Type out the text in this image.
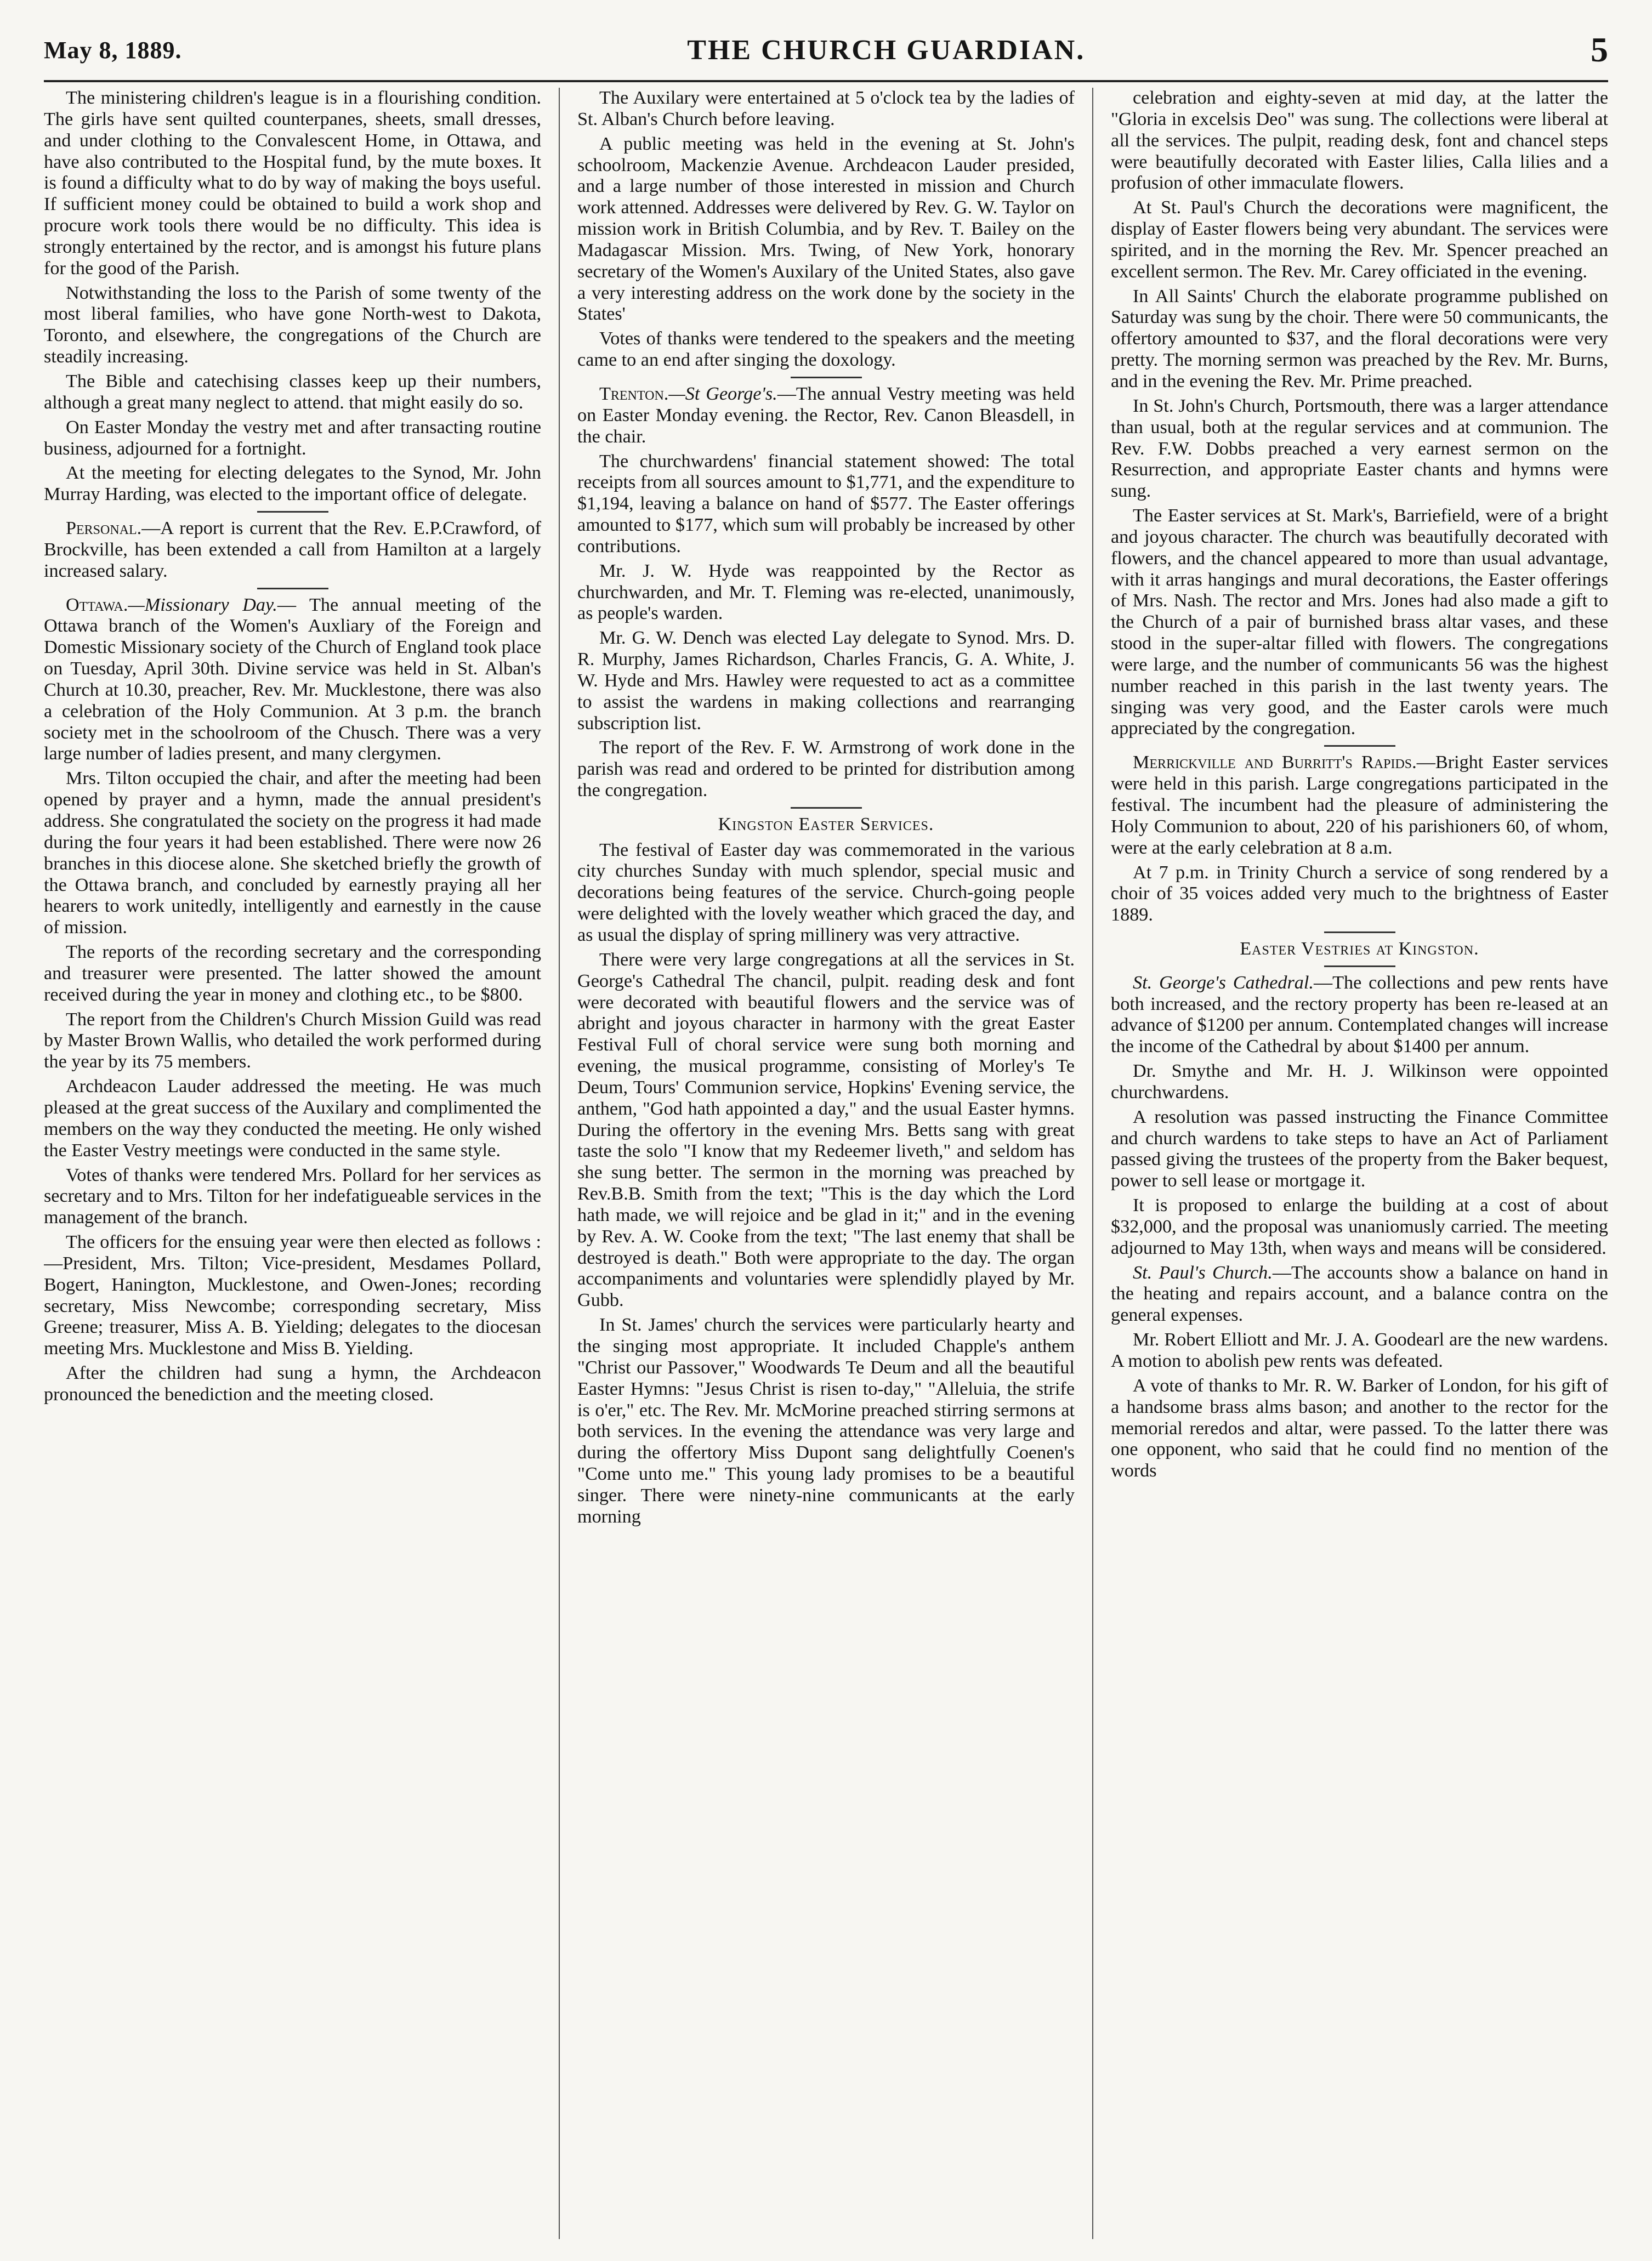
May 8, 1889.	THE CHURCH GUARDIAN.	5

The ministering children's league is in a flourishing condition. The girls have sent quilted counterpanes, sheets, small dresses, and under clothing to the Convalescent Home, in Ottawa, and have also contributed to the Hospital fund, by the mute boxes. It is found a difficulty what to do by way of making the boys useful. If sufficient money could be obtained to build a work shop and procure work tools there would be no difficulty. This idea is strongly entertained by the rector, and is amongst his future plans for the good of the Parish.

Notwithstanding the loss to the Parish of some twenty of the most liberal families, who have gone North-west to Dakota, Toronto, and elsewhere, the congregations of the Church are steadily increasing.

The Bible and catechising classes keep up their numbers, although a great many neglect to attend. that might easily do so.

On Easter Monday the vestry met and after transacting routine business, adjourned for a fortnight.

At the meeting for electing delegates to the Synod, Mr. John Murray Harding, was elected to the important office of delegate.

Personal.—A report is current that the Rev. E.P.Crawford, of Brockville, has been extended a call from Hamilton at a largely increased salary.

Ottawa.—Missionary Day.— The annual meeting of the Ottawa branch of the Women's Auxliary of the Foreign and Domestic Missionary society of the Church of England took place on Tuesday, April 30th. Divine service was held in St. Alban's Church at 10.30, preacher, Rev. Mr. Mucklestone, there was also a celebration of the Holy Communion. At 3 p.m. the branch society met in the schoolroom of the Chusch. There was a very large number of ladies present, and many clergymen.

Mrs. Tilton occupied the chair, and after the meeting had been opened by prayer and a hymn, made the annual president's address. She congratulated the society on the progress it had made during the four years it had been established. There were now 26 branches in this diocese alone. She sketched briefly the growth of the Ottawa branch, and concluded by earnestly praying all her hearers to work unitedly, intelligently and earnestly in the cause of mission.

The reports of the recording secretary and the corresponding and treasurer were presented. The latter showed the amount received during the year in money and clothing etc., to be $800.

The report from the Children's Church Mission Guild was read by Master Brown Wallis, who detailed the work performed during the year by its 75 members.

Archdeacon Lauder addressed the meeting. He was much pleased at the great success of the Auxilary and complimented the members on the way they conducted the meeting. He only wished the Easter Vestry meetings were conducted in the same style.

Votes of thanks were tendered Mrs. Pollard for her services as secretary and to Mrs. Tilton for her indefatigueable services in the management of the branch.

The officers for the ensuing year were then elected as follows :—President, Mrs. Tilton; Vice-president, Mesdames Pollard, Bogert, Hanington, Mucklestone, and Owen-Jones; recording secretary, Miss Newcombe; corresponding secretary, Miss Greene; treasurer, Miss A. B. Yielding; delegates to the diocesan meeting Mrs. Mucklestone and Miss B. Yielding.

After the children had sung a hymn, the Archdeacon pronounced the benediction and the meeting closed.

The Auxilary were entertained at 5 o'clock tea by the ladies of St. Alban's Church before leaving.

A public meeting was held in the evening at St. John's schoolroom, Mackenzie Avenue. Archdeacon Lauder presided, and a large number of those interested in mission and Church work attenned. Addresses were delivered by Rev. G. W. Taylor on mission work in British Columbia, and by Rev. T. Bailey on the Madagascar Mission. Mrs. Twing, of New York, honorary secretary of the Women's Auxilary of the United States, also gave a very interesting address on the work done by the society in the States'

Votes of thanks were tendered to the speakers and the meeting came to an end after singing the doxology.

Trenton.—St George's.—The annual Vestry meeting was held on Easter Monday evening. the Rector, Rev. Canon Bleasdell, in the chair.

The churchwardens' financial statement showed: The total receipts from all sources amount to $1,771, and the expenditure to $1,194, leaving a balance on hand of $577. The Easter offerings amounted to $177, which sum will probably be increased by other contributions.

Mr. J. W. Hyde was reappointed by the Rector as churchwarden, and Mr. T. Fleming was re-elected, unanimously, as people's warden.

Mr. G. W. Dench was elected Lay delegate to Synod. Mrs. D. R. Murphy, James Richardson, Charles Francis, G. A. White, J. W. Hyde and Mrs. Hawley were requested to act as a committee to assist the wardens in making collections and rearranging subscription list.

The report of the Rev. F. W. Armstrong of work done in the parish was read and ordered to be printed for distribution among the congregation.

Kingston Easter Services.

The festival of Easter day was commemorated in the various city churches Sunday with much splendor, special music and decorations being features of the service. Church-going people were delighted with the lovely weather which graced the day, and as usual the display of spring millinery was very attractive.

There were very large congregations at all the services in St. George's Cathedral The chancil, pulpit. reading desk and font were decorated with beautiful flowers and the service was of abright and joyous character in harmony with the great Easter Festival Full of choral service were sung both morning and evening, the musical programme, consisting of Morley's Te Deum, Tours' Communion service, Hopkins' Evening service, the anthem, "God hath appointed a day," and the usual Easter hymns. During the offertory in the evening Mrs. Betts sang with great taste the solo "I know that my Redeemer liveth," and seldom has she sung better. The sermon in the morning was preached by Rev.B.B. Smith from the text; "This is the day which the Lord hath made, we will rejoice and be glad in it;" and in the evening by Rev. A. W. Cooke from the text; "The last enemy that shall be destroyed is death." Both were appropriate to the day. The organ accompaniments and voluntaries were splendidly played by Mr. Gubb.

In St. James' church the services were particularly hearty and the singing most appropriate. It included Chapple's anthem "Christ our Passover," Woodwards Te Deum and all the beautiful Easter Hymns: "Jesus Christ is risen to-day," "Alleluia, the strife is o'er," etc. The Rev. Mr. McMorine preached stirring sermons at both services. In the evening the attendance was very large and during the offertory Miss Dupont sang delightfully Coenen's "Come unto me." This young lady promises to be a beautiful singer. There were ninety-nine communicants at the early morning

celebration and eighty-seven at mid day, at the latter the "Gloria in excelsis Deo" was sung. The collections were liberal at all the services. The pulpit, reading desk, font and chancel steps were beautifully decorated with Easter lilies, Calla lilies and a profusion of other immaculate flowers.

At St. Paul's Church the decorations were magnificent, the display of Easter flowers being very abundant. The services were spirited, and in the morning the Rev. Mr. Spencer preached an excellent sermon. The Rev. Mr. Carey officiated in the evening.

In All Saints' Church the elaborate programme published on Saturday was sung by the choir. There were 50 communicants, the offertory amounted to $37, and the floral decorations were very pretty. The morning sermon was preached by the Rev. Mr. Burns, and in the evening the Rev. Mr. Prime preached.

In St. John's Church, Portsmouth, there was a larger attendance than usual, both at the regular services and at communion. The Rev. F.W. Dobbs preached a very earnest sermon on the Resurrection, and appropriate Easter chants and hymns were sung.

The Easter services at St. Mark's, Barriefield, were of a bright and joyous character. The church was beautifully decorated with flowers, and the chancel appeared to more than usual advantage, with it arras hangings and mural decorations, the Easter offerings of Mrs. Nash. The rector and Mrs. Jones had also made a gift to the Church of a pair of burnished brass altar vases, and these stood in the super-altar filled with flowers. The congregations were large, and the number of communicants 56 was the highest number reached in this parish in the last twenty years. The singing was very good, and the Easter carols were much appreciated by the congregation.

Merrickville and Burritt's Rapids.—Bright Easter services were held in this parish. Large congregations participated in the festival. The incumbent had the pleasure of administering the Holy Communion to about, 220 of his parishioners 60, of whom, were at the early celebration at 8 a.m.

At 7 p.m. in Trinity Church a service of song rendered by a choir of 35 voices added very much to the brightness of Easter 1889.

Easter Vestries at Kingston.

St. George's Cathedral.—The collections and pew rents have both increased, and the rectory property has been re-leased at an advance of $1200 per annum. Contemplated changes will increase the income of the Cathedral by about $1400 per annum.

Dr. Smythe and Mr. H. J. Wilkinson were oppointed churchwardens.

A resolution was passed instructing the Finance Committee and church wardens to take steps to have an Act of Parliament passed giving the trustees of the property from the Baker bequest, power to sell lease or mortgage it.

It is proposed to enlarge the building at a cost of about $32,000, and the proposal was unaniomusly carried. The meeting adjourned to May 13th, when ways and means will be considered.

St. Paul's Church.—The accounts show a balance on hand in the heating and repairs account, and a balance contra on the general expenses.

Mr. Robert Elliott and Mr. J. A. Goodearl are the new wardens. A motion to abolish pew rents was defeated.

A vote of thanks to Mr. R. W. Barker of London, for his gift of a handsome brass alms bason; and another to the rector for the memorial reredos and altar, were passed. To the latter there was one opponent, who said that he could find no mention of the words
